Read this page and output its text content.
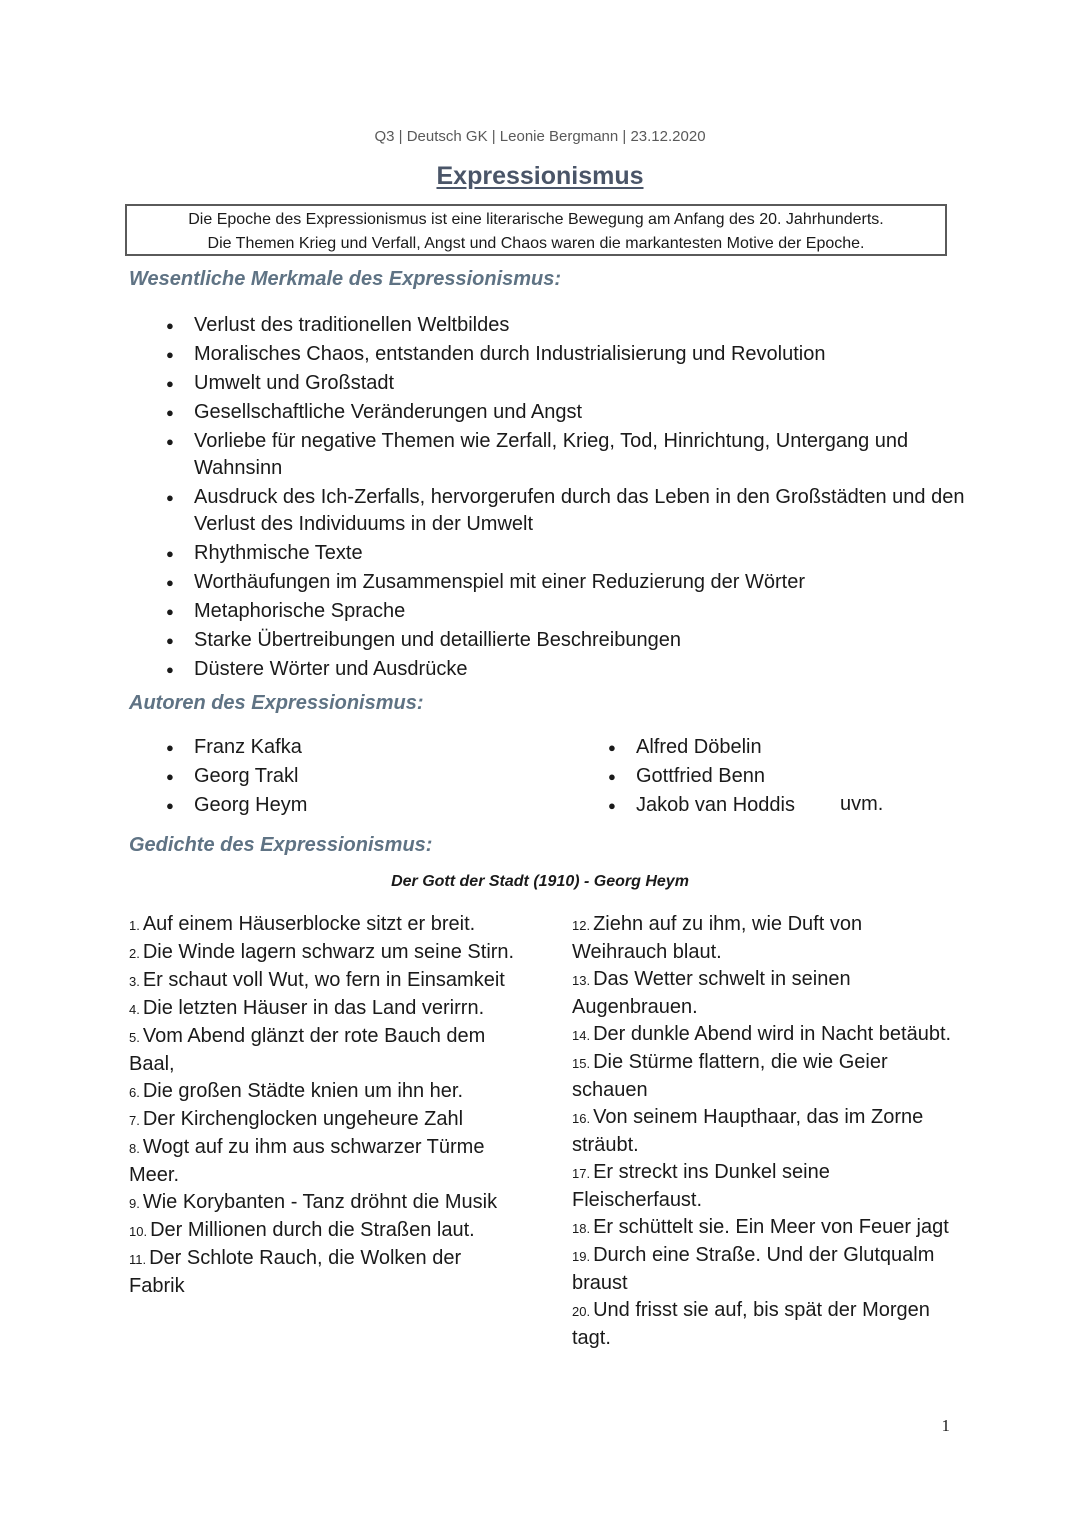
Q3 | Deutsch GK | Leonie Bergmann | 23.12.2020
Expressionismus
Die Epoche des Expressionismus ist eine literarische Bewegung am Anfang des 20. Jahrhunderts.
Die Themen Krieg und Verfall, Angst und Chaos waren die markantesten Motive der Epoche.
Wesentliche Merkmale des Expressionismus:
● Verlust des traditionellen Weltbildes
● Moralisches Chaos, entstanden durch Industrialisierung und Revolution
● Umwelt und Großstadt
● Gesellschaftliche Veränderungen und Angst
● Vorliebe für negative Themen wie Zerfall, Krieg, Tod, Hinrichtung, Untergang und Wahnsinn
● Ausdruck des Ich-Zerfalls, hervorgerufen durch das Leben in den Großstädten und den Verlust des Individuums in der Umwelt
● Rhythmische Texte
● Worthäufungen im Zusammenspiel mit einer Reduzierung der Wörter
● Metaphorische Sprache
● Starke Übertreibungen und detaillierte Beschreibungen
● Düstere Wörter und Ausdrücke
Autoren des Expressionismus:
● Franz Kafka
● Georg Trakl
● Georg Heym
● Alfred Döbelin
● Gottfried Benn
● Jakob van Hoddis	uvm.
Gedichte des Expressionismus:
Der Gott der Stadt (1910) - Georg Heym
1. Auf einem Häuserblocke sitzt er breit.
2. Die Winde lagern schwarz um seine Stirn.
3. Er schaut voll Wut, wo fern in Einsamkeit
4. Die letzten Häuser in das Land verirrn.
5. Vom Abend glänzt der rote Bauch dem Baal,
6. Die großen Städte knien um ihn her.
7. Der Kirchenglocken ungeheure Zahl
8. Wogt auf zu ihm aus schwarzer Türme Meer.
9. Wie Korybanten - Tanz dröhnt die Musik
10. Der Millionen durch die Straßen laut.
11. Der Schlote Rauch, die Wolken der Fabrik
12. Ziehn auf zu ihm, wie Duft von Weihrauch blaut.
13. Das Wetter schwelt in seinen Augenbrauen.
14. Der dunkle Abend wird in Nacht betäubt.
15. Die Stürme flattern, die wie Geier schauen
16. Von seinem Haupthaar, das im Zorne sträubt.
17. Er streckt ins Dunkel seine Fleischerfaust.
18. Er schüttelt sie. Ein Meer von Feuer jagt
19. Durch eine Straße. Und der Glutqualm braust
20. Und frisst sie auf, bis spät der Morgen tagt.
1
